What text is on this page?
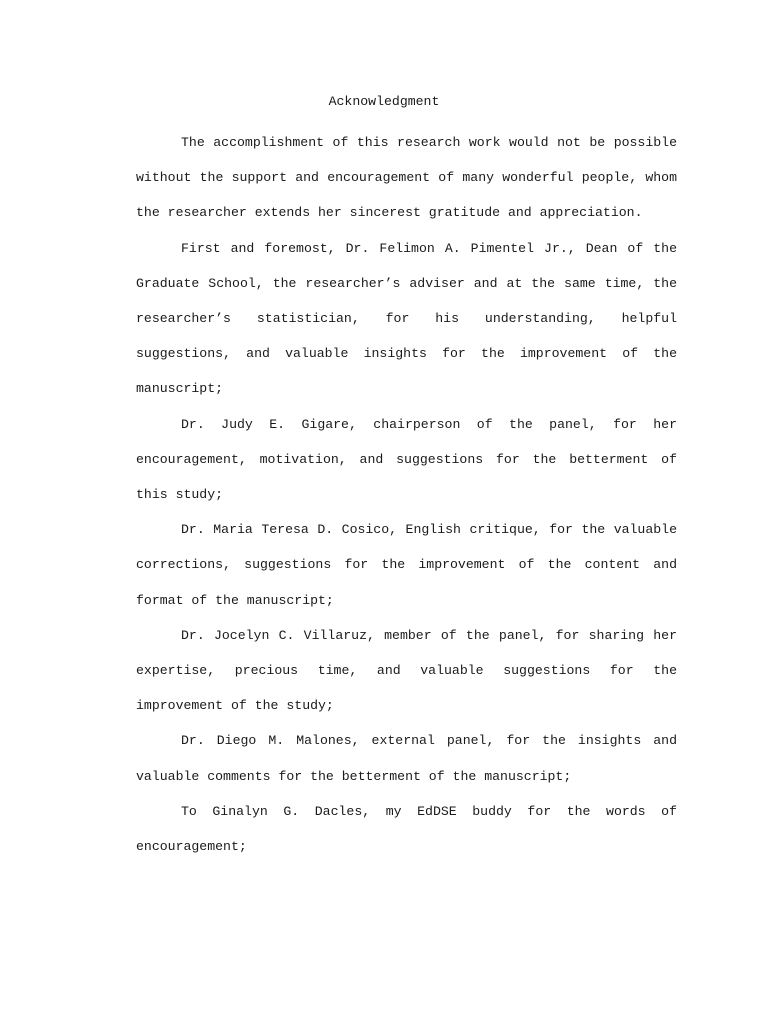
Acknowledgment

The accomplishment of this research work would not be possible without the support and encouragement of many wonderful people, whom the researcher extends her sincerest gratitude and appreciation.

First and foremost, Dr. Felimon A. Pimentel Jr., Dean of the Graduate School, the researcher’s adviser and at the same time, the researcher’s statistician, for his understanding, helpful suggestions, and valuable insights for the improvement of the manuscript;

Dr. Judy E. Gigare, chairperson of the panel, for her encouragement, motivation, and suggestions for the betterment of this study;

Dr. Maria Teresa D. Cosico, English critique, for the valuable corrections, suggestions for the improvement of the content and format of the manuscript;

Dr. Jocelyn C. Villaruz, member of the panel, for sharing her expertise, precious time, and valuable suggestions for the improvement of the study;

Dr. Diego M. Malones, external panel, for the insights and valuable comments for the betterment of the manuscript;

To Ginalyn G. Dacles, my EdDSE buddy for the words of encouragement;
